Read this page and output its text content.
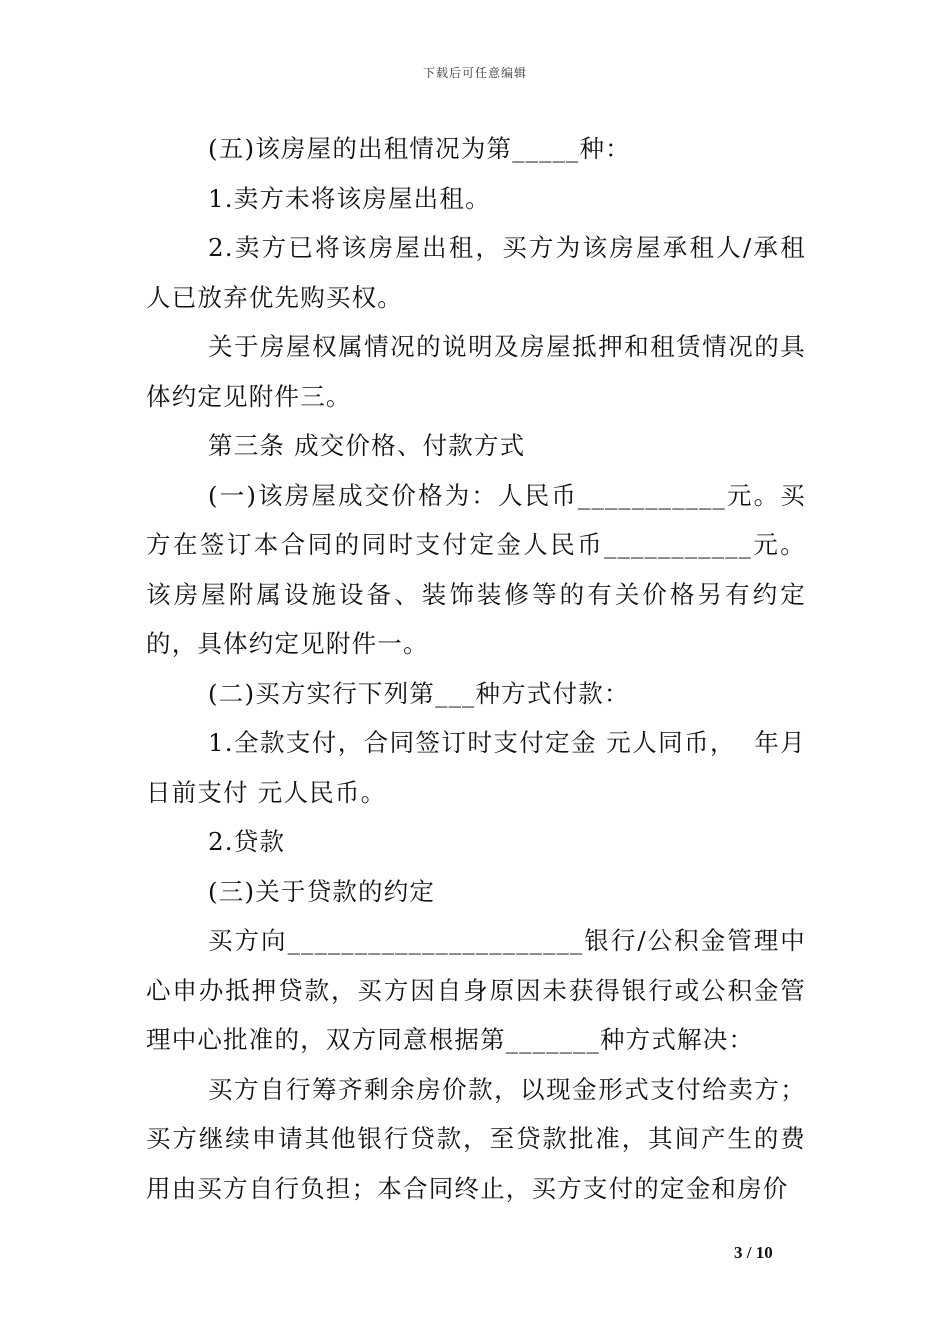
下载后可任意编辑

(五)该房屋的出租情况为第_____种：

1.卖方未将该房屋出租。

2.卖方已将该房屋出租，买方为该房屋承租人/承租人已放弃优先购买权。

关于房屋权属情况的说明及房屋抵押和租赁情况的具体约定见附件三。

第三条 成交价格、付款方式

(一)该房屋成交价格为：人民币___________元。买方在签订本合同的同时支付定金人民币___________元。该房屋附属设施设备、装饰装修等的有关价格另有约定的，具体约定见附件一。

(二)买方实行下列第___种方式付款：

1.全款支付，合同签订时支付定金 元人同币，  年月日前支付 元人民币。

2.贷款

(三)关于贷款的约定

买方向______________________银行/公积金管理中心申办抵押贷款，买方因自身原因未获得银行或公积金管理中心批准的，双方同意根据第_______种方式解决：

买方自行筹齐剩余房价款，以现金形式支付给卖方；买方继续申请其他银行贷款，至贷款批准，其间产生的费用由买方自行负担；本合同终止，买方支付的定金和房价

3 / 10
